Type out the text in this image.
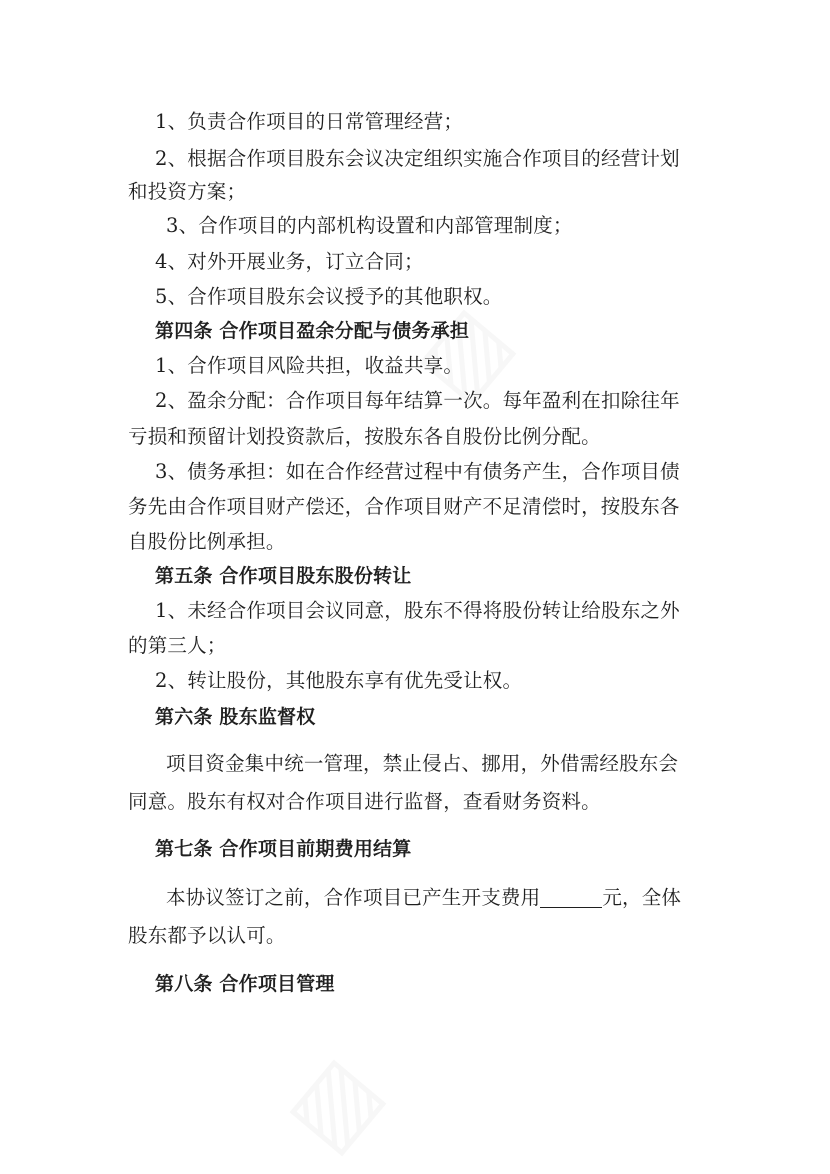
▧
▧
1、负责合作项目的日常管理经营；
2、根据合作项目股东会议决定组织实施合作项目的经营计划
和投资方案；
3、合作项目的内部机构设置和内部管理制度；
4、对外开展业务，订立合同；
5、合作项目股东会议授予的其他职权。
第四条 合作项目盈余分配与债务承担
1、合作项目风险共担，收益共享。
2、盈余分配：合作项目每年结算一次。每年盈利在扣除往年
亏损和预留计划投资款后，按股东各自股份比例分配。
3、债务承担：如在合作经营过程中有债务产生，合作项目债
务先由合作项目财产偿还，合作项目财产不足清偿时，按股东各
自股份比例承担。
第五条 合作项目股东股份转让
1、未经合作项目会议同意，股东不得将股份转让给股东之外
的第三人；
2、转让股份，其他股东享有优先受让权。
第六条 股东监督权
项目资金集中统一管理，禁止侵占、挪用，外借需经股东会
同意。股东有权对合作项目进行监督，查看财务资料。
第七条 合作项目前期费用结算
本协议签订之前，合作项目已产生开支费用	元，全体
股东都予以认可。
第八条 合作项目管理
